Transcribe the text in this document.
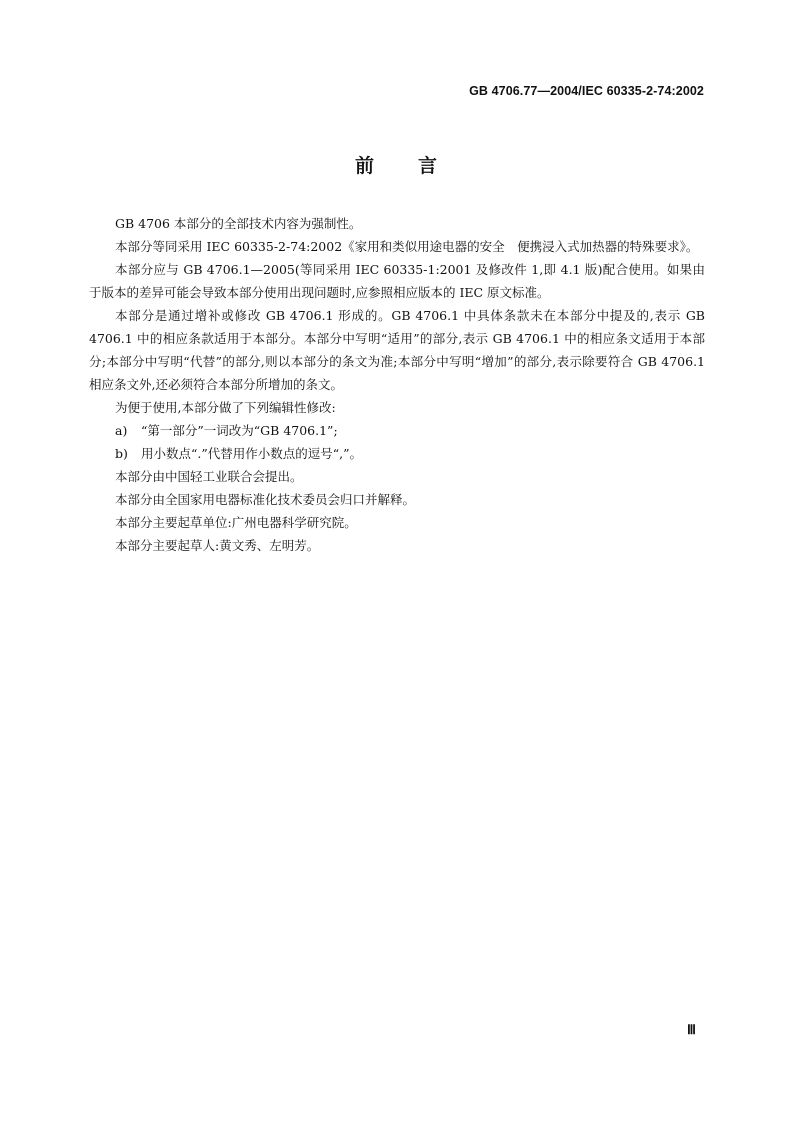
GB 4706.77—2004/IEC 60335-2-74:2002
前 言

GB 4706 本部分的全部技术内容为强制性。

本部分等同采用 IEC 60335-2-74:2002《家用和类似用途电器的安全　便携浸入式加热器的特殊要求》。

本部分应与 GB 4706.1—2005(等同采用 IEC 60335-1:2001 及修改件 1,即 4.1 版)配合使用。如果由于版本的差异可能会导致本部分使用出现问题时,应参照相应版本的 IEC 原文标准。

本部分是通过增补或修改 GB 4706.1 形成的。GB 4706.1 中具体条款未在本部分中提及的,表示 GB 4706.1 中的相应条款适用于本部分。本部分中写明“适用”的部分,表示 GB 4706.1 中的相应条文适用于本部分;本部分中写明“代替”的部分,则以本部分的条文为准;本部分中写明“增加”的部分,表示除要符合 GB 4706.1 相应条文外,还必须符合本部分所增加的条文。

为便于使用,本部分做了下列编辑性修改:

a) “第一部分”一词改为“GB 4706.1”;

b) 用小数点“.”代替用作小数点的逗号“,”。

本部分由中国轻工业联合会提出。

本部分由全国家用电器标准化技术委员会归口并解释。

本部分主要起草单位:广州电器科学研究院。

本部分主要起草人:黄文秀、左明芳。

Ⅲ
